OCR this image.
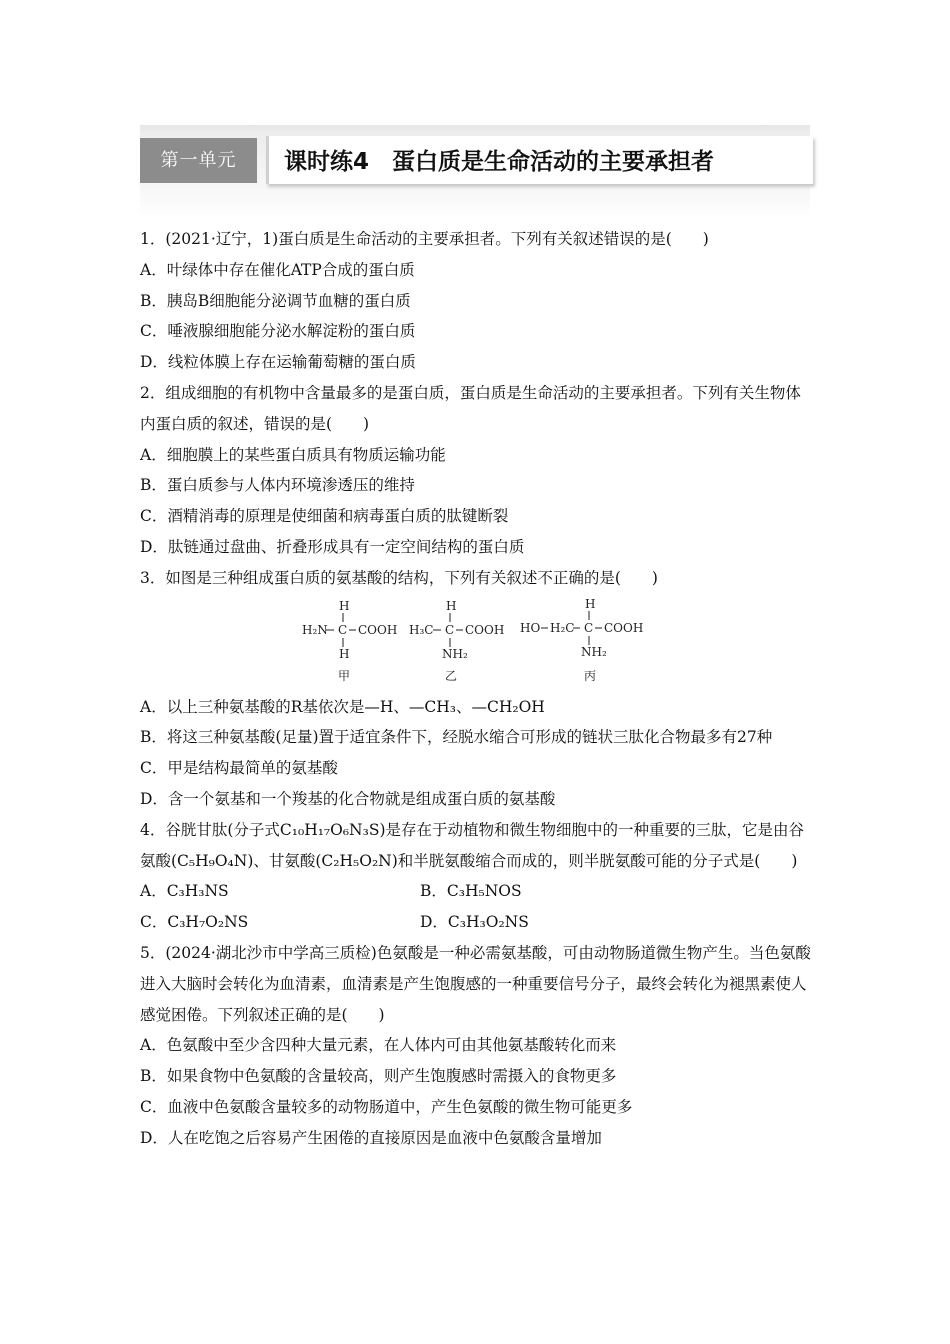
第一单元	课时练4　蛋白质是生命活动的主要承担者
1．(2021·辽宁，1)蛋白质是生命活动的主要承担者。下列有关叙述错误的是(　　)
A．叶绿体中存在催化ATP合成的蛋白质
B．胰岛B细胞能分泌调节血糖的蛋白质
C．唾液腺细胞能分泌水解淀粉的蛋白质
D．线粒体膜上存在运输葡萄糖的蛋白质
2．组成细胞的有机物中含量最多的是蛋白质，蛋白质是生命活动的主要承担者。下列有关生物体内蛋白质的叙述，错误的是(　　)
A．细胞膜上的某些蛋白质具有物质运输功能
B．蛋白质参与人体内环境渗透压的维持
C．酒精消毒的原理是使细菌和病毒蛋白质的肽键断裂
D．肽链通过盘曲、折叠形成具有一定空间结构的蛋白质
3．如图是三种组成蛋白质的氨基酸的结构，下列有关叙述不正确的是(　　)
H
H₂N C COOH
H
甲
H
H₃C C COOH
NH₂
乙
H
HO H₂C C COOH
NH₂
丙
A．以上三种氨基酸的R基依次是—H、—CH₃、—CH₂OH
B．将这三种氨基酸(足量)置于适宜条件下，经脱水缩合可形成的链状三肽化合物最多有27种
C．甲是结构最简单的氨基酸
D．含一个氨基和一个羧基的化合物就是组成蛋白质的氨基酸
4．谷胱甘肽(分子式C₁₀H₁₇O₆N₃S)是存在于动植物和微生物细胞中的一种重要的三肽，它是由谷氨酸(C₅H₉O₄N)、甘氨酸(C₂H₅O₂N)和半胱氨酸缩合而成的，则半胱氨酸可能的分子式是(　　)
A．C₃H₃NS	B．C₃H₅NOS
C．C₃H₇O₂NS	D．C₃H₃O₂NS
5．(2024·湖北沙市中学高三质检)色氨酸是一种必需氨基酸，可由动物肠道微生物产生。当色氨酸进入大脑时会转化为血清素，血清素是产生饱腹感的一种重要信号分子，最终会转化为褪黑素使人感觉困倦。下列叙述正确的是(　　)
A．色氨酸中至少含四种大量元素，在人体内可由其他氨基酸转化而来
B．如果食物中色氨酸的含量较高，则产生饱腹感时需摄入的食物更多
C．血液中色氨酸含量较多的动物肠道中，产生色氨酸的微生物可能更多
D．人在吃饱之后容易产生困倦的直接原因是血液中色氨酸含量增加
